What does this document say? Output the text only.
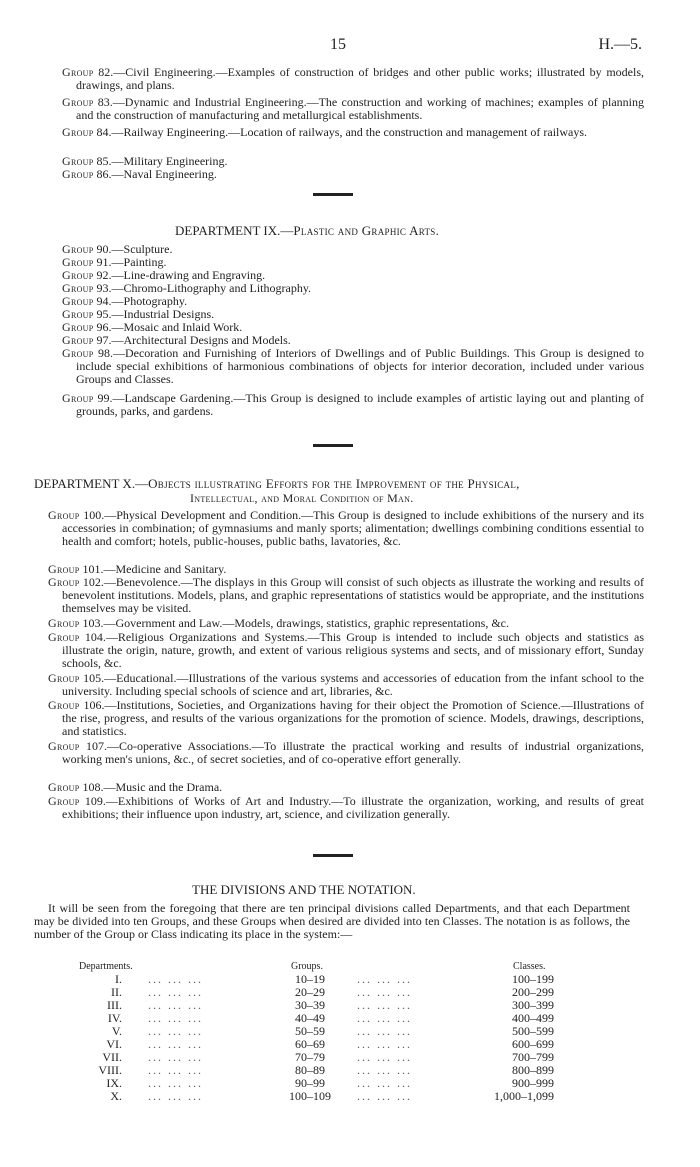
15	H.—5.

Group 82.—Civil Engineering.—Examples of construction of bridges and other public works; illustrated by models, drawings, and plans.

Group 83.—Dynamic and Industrial Engineering.—The construction and working of machines; examples of planning and the construction of manufacturing and metallurgical establishments.

Group 84.—Railway Engineering.—Location of railways, and the construction and management of railways.

Group 85.—Military Engineering.

Group 86.—Naval Engineering.

DEPARTMENT IX.—Plastic and Graphic Arts.

Group 90.—Sculpture.

Group 91.—Painting.

Group 92.—Line-drawing and Engraving.

Group 93.—Chromo-Lithography and Lithography.

Group 94.—Photography.

Group 95.—Industrial Designs.

Group 96.—Mosaic and Inlaid Work.

Group 97.—Architectural Designs and Models.

Group 98.—Decoration and Furnishing of Interiors of Dwellings and of Public Buildings. This Group is designed to include special exhibitions of harmonious combinations of objects for interior decoration, included under various Groups and Classes.

Group 99.—Landscape Gardening.—This Group is designed to include examples of artistic laying out and planting of grounds, parks, and gardens.

DEPARTMENT X.—Objects illustrating Efforts for the Improvement of the Physical,
Intellectual, and Moral Condition of Man.

Group 100.—Physical Development and Condition.—This Group is designed to include exhibitions of the nursery and its accessories in combination; of gymnasiums and manly sports; alimentation; dwellings combining conditions essential to health and comfort; hotels, public-houses, public baths, lavatories, &c.

Group 101.—Medicine and Sanitary.

Group 102.—Benevolence.—The displays in this Group will consist of such objects as illustrate the working and results of benevolent institutions. Models, plans, and graphic representations of statistics would be appropriate, and the institutions themselves may be visited.

Group 103.—Government and Law.—Models, drawings, statistics, graphic representations, &c.

Group 104.—Religious Organizations and Systems.—This Group is intended to include such objects and statistics as illustrate the origin, nature, growth, and extent of various religious systems and sects, and of missionary effort, Sunday schools, &c.

Group 105.—Educational.—Illustrations of the various systems and accessories of education from the infant school to the university. Including special schools of science and art, libraries, &c.

Group 106.—Institutions, Societies, and Organizations having for their object the Promotion of Science.—Illustrations of the rise, progress, and results of the various organizations for the promotion of science. Models, drawings, descriptions, and statistics.

Group 107.—Co-operative Associations.—To illustrate the practical working and results of industrial organizations, working men's unions, &c., of secret societies, and of co-operative effort generally.

Group 108.—Music and the Drama.

Group 109.—Exhibitions of Works of Art and Industry.—To illustrate the organization, working, and results of great exhibitions; their influence upon industry, art, science, and civilization generally.

THE DIVISIONS AND THE NOTATION.

It will be seen from the foregoing that there are ten principal divisions called Departments, and that each Department may be divided into ten Groups, and these Groups when desired are divided into ten Classes. The notation is as follows, the number of the Group or Class indicating its place in the system:—

Departments.	Groups.	Classes.
I. ... ... ...	10–19	... ... ...	100–199
II. ... ... ...	20–29	... ... ...	200–299
III. ... ... ...	30–39	... ... ...	300–399
IV. ... ... ...	40–49	... ... ...	400–499
V. ... ... ...	50–59	... ... ...	500–599
VI. ... ... ...	60–69	... ... ...	600–699
VII. ... ... ...	70–79	... ... ...	700–799
VIII. ... ... ...	80–89	... ... ...	800–899
IX. ... ... ...	90–99	... ... ...	900–999
X. ... ... ...	100–109	... ... ...	1,000–1,099
